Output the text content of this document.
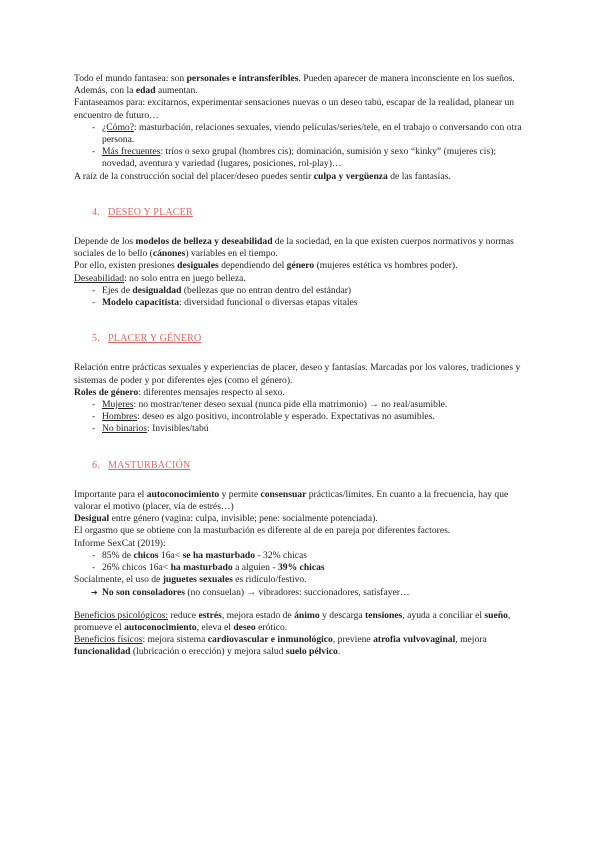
Todo el mundo fantasea: son personales e intransferibles. Pueden aparecer de manera inconsciente en los sueños. Además, con la edad aumentan.

Fantaseamos para: excitarnos, experimentar sensaciones nuevas o un deseo tabú, escapar de la realidad, planear un encuentro de futuro…

- ¿Cómo?: masturbación, relaciones sexuales, viendo películas/series/tele, en el trabajo o conversando con otra persona.
- Más frecuentes: tríos o sexo grupal (hombres cis); dominación, sumisión y sexo “kinky” (mujeres cis); novedad, aventura y variedad (lugares, posiciones, rol-play)…

A raíz de la construcción social del placer/deseo puedes sentir culpa y vergüenza de las fantasías.

4. DESEO Y PLACER

Depende de los modelos de belleza y deseabilidad de la sociedad, en la que existen cuerpos normativos y normas sociales de lo bello (cánones) variables en el tiempo.

Por ello, existen presiones desiguales dependiendo del género (mujeres estética vs hombres poder).

Deseabilidad: no solo entra en juego belleza.

- Ejes de desigualdad (bellezas que no entran dentro del estándar)
- Modelo capacitista: diversidad funcional o diversas etapas vitales
5. PLACER Y GÉNERO

Relación entre prácticas sexuales y experiencias de placer, deseo y fantasías. Marcadas por los valores, tradiciones y sistemas de poder y por diferentes ejes (como el género).

Roles de género: diferentes mensajes respecto al sexo.

- Mujeres: no mostrar/tener deseo sexual (nunca pide ella matrimonio) → no real/asumible.
- Hombres: deseo es algo positivo, incontrolable y esperado. Expectativas no asumibles.
- No binarios: Invisibles/tabú
6. MASTURBACIÓN

Importante para el autoconocimiento y permite consensuar prácticas/límites. En cuanto a la frecuencia, hay que valorar el motivo (placer, vía de estrés…)

Desigual entre género (vagina: culpa, invisible; pene: socialmente potenciada).

El orgasmo que se obtiene con la masturbación es diferente al de en pareja por diferentes factores.

Informe SexCat (2019):

- 85% de chicos 16a< se ha masturbado - 32% chicas
- 26% chicos 16a< ha masturbado a alguien - 39% chicas

Socialmente, el uso de juguetes sexuales es ridículo/festivo.

➔ No son consoladores (no consuelan) → vibradores: succionadores, satisfayer…

Beneficios psicológicos: reduce estrés, mejora estado de ánimo y descarga tensiones, ayuda a conciliar el sueño, promueve el autoconocimiento, eleva el deseo erótico.

Beneficios físicos: mejora sistema cardiovascular e inmunológico, previene atrofia vulvovaginal, mejora funcionalidad (lubricación o erección) y mejora salud suelo pélvico.
